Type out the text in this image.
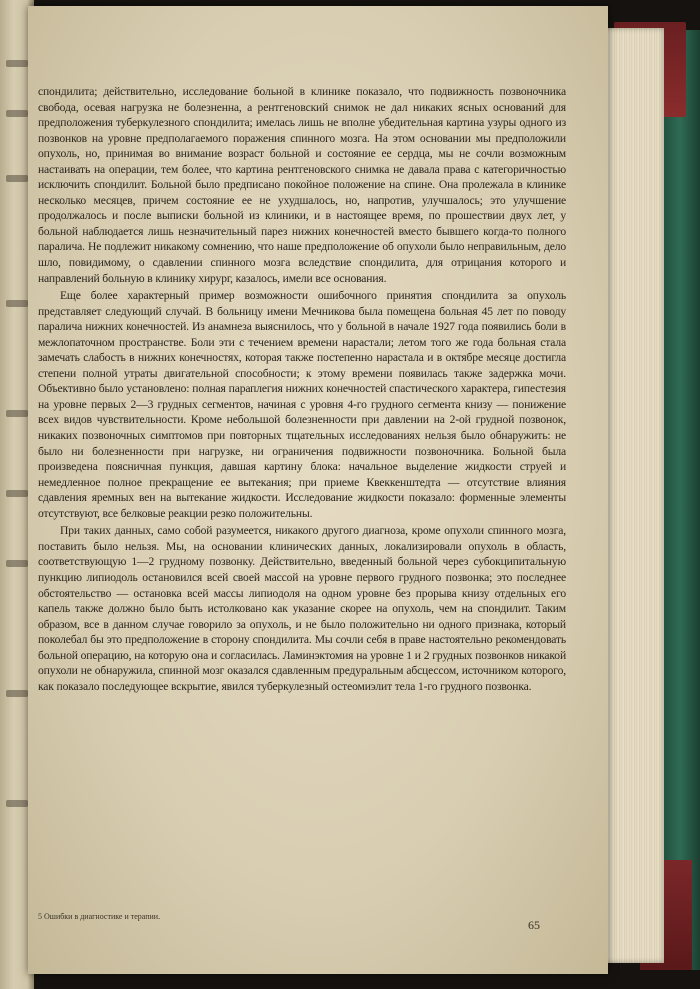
спондилита; действительно, исследование больной в клинике показало, что подвижность позвоночника свобода, осевая нагрузка не болезненна, а рентгеновский снимок не дал никаких ясных оснований для предположения туберкулезного спондилита; имелась лишь не вполне убедительная картина узуры одного из позвонков на уровне предполагаемого поражения спинного мозга. На этом основании мы предположили опухоль, но, принимая во внимание возраст больной и состояние ее сердца, мы не сочли возможным настаивать на операции, тем более, что картина рентгеновского снимка не давала права с категоричностью исключить спондилит. Больной было предписано покойное положение на спине. Она пролежала в клинике несколько месяцев, причем состояние ее не ухудшалось, но, напротив, улучшалось; это улучшение продолжалось и после выписки больной из клиники, и в настоящее время, по прошествии двух лет, у больной наблюдается лишь незначительный парез нижних конечностей вместо бывшего когда-то полного паралича. Не подлежит никакому сомнению, что наше предположение об опухоли было неправильным, дело шло, повидимому, о сдавлении спинного мозга вследствие спондилита, для отрицания которого и направлений больную в клинику хирург, казалось, имели все основания.

Еще более характерный пример возможности ошибочного принятия спондилита за опухоль представляет следующий случай. В больницу имени Мечникова была помещена больная 45 лет по поводу паралича нижних конечностей. Из анамнеза выяснилось, что у больной в начале 1927 года появились боли в межлопаточном пространстве. Боли эти с течением времени нарастали; летом того же года больная стала замечать слабость в нижних конечностях, которая также постепенно нарастала и в октябре месяце достигла степени полной утраты двигательной способности; к этому времени появилась также задержка мочи. Объективно было установлено: полная параплегия нижних конечностей спастического характера, гипестезия на уровне первых 2—3 грудных сегментов, начиная с уровня 4-го грудного сегмента книзу — понижение всех видов чувствительности. Кроме небольшой болезненности при давлении на 2-ой грудной позвонок, никаких позвоночных симптомов при повторных тщательных исследованиях нельзя было обнаружить: не было ни болезненности при нагрузке, ни ограничения подвижности позвоночника. Больной была произведена поясничная пункция, давшая картину блока: начальное выделение жидкости струей и немедленное полное прекращение ее вытекания; при приеме Квеккенштедта — отсутствие влияния сдавления яремных вен на вытекание жидкости. Исследование жидкости показало: форменные элементы отсутствуют, все белковые реакции резко положительны.

При таких данных, само собой разумеется, никакого другого диагноза, кроме опухоли спинного мозга, поставить было нельзя. Мы, на основании клинических данных, локализировали опухоль в область, соответствующую 1—2 грудному позвонку. Действительно, введенный больной через субокципитальную пункцию липиодоль остановился всей своей массой на уровне первого грудного позвонка; это последнее обстоятельство — остановка всей массы липиодоля на одном уровне без прорыва книзу отдельных его капель также должно было быть истолковано как указание скорее на опухоль, чем на спондилит. Таким образом, все в данном случае говорило за опухоль, и не было положительно ни одного признака, который поколебал бы это предположение в сторону спондилита. Мы сочли себя в праве настоятельно рекомендовать больной операцию, на которую она и согласилась. Ламинэктомия на уровне 1 и 2 грудных позвонков никакой опухоли не обнаружила, спинной мозг оказался сдавленным предуральным абсцессом, источником которого, как показало последующее вскрытие, явился туберкулезный остеомиэлит тела 1-го грудного позвонка.

5 Ошибки в диагностике и терапии.
65
